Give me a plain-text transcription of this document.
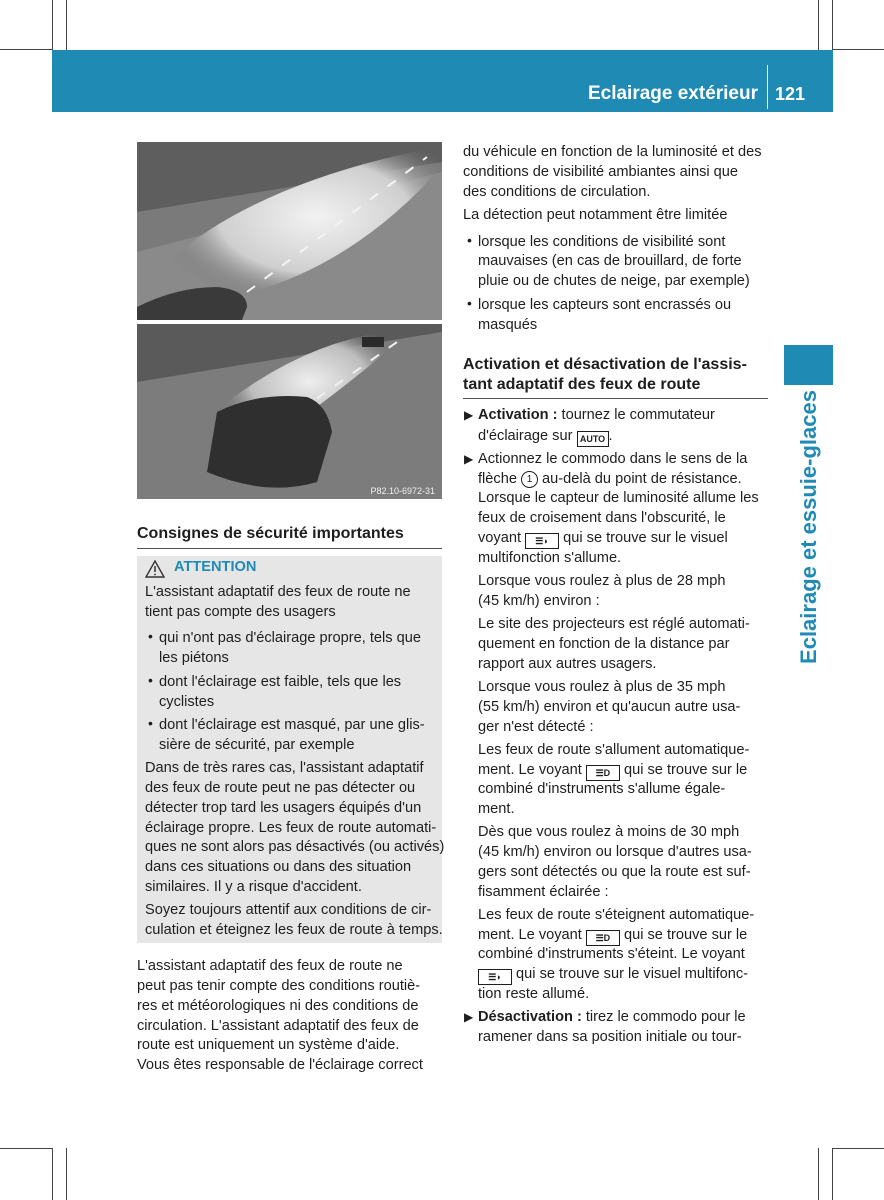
Eclairage extérieur 121
Eclairage et essuie-glaces
P82.10-6972-31
Consignes de sécurité importantes
ATTENTION
L'assistant adaptatif des feux de route ne
tient pas compte des usagers
• qui n'ont pas d'éclairage propre, tels que
les piétons
• dont l'éclairage est faible, tels que les
cyclistes
• dont l'éclairage est masqué, par une glis-
sière de sécurité, par exemple
Dans de très rares cas, l'assistant adaptatif
des feux de route peut ne pas détecter ou
détecter trop tard les usagers équipés d'un
éclairage propre. Les feux de route automati-
ques ne sont alors pas désactivés (ou activés)
dans ces situations ou dans des situation
similaires. Il y a risque d'accident.
Soyez toujours attentif aux conditions de cir-
culation et éteignez les feux de route à temps.
L'assistant adaptatif des feux de route ne
peut pas tenir compte des conditions routiè-
res et météorologiques ni des conditions de
circulation. L'assistant adaptatif des feux de
route est uniquement un système d'aide.
Vous êtes responsable de l'éclairage correct
du véhicule en fonction de la luminosité et des
conditions de visibilité ambiantes ainsi que
des conditions de circulation.
La détection peut notamment être limitée
• lorsque les conditions de visibilité sont
mauvaises (en cas de brouillard, de forte
pluie ou de chutes de neige, par exemple)
• lorsque les capteurs sont encrassés ou
masqués
Activation et désactivation de l'assis-
tant adaptatif des feux de route
▶ Activation : tournez le commutateur
d'éclairage sur AUTO .
▶ Actionnez le commodo dans le sens de la
flèche 1 au-delà du point de résistance.
Lorsque le capteur de luminosité allume les
feux de croisement dans l'obscurité, le
voyant ☰◗ qui se trouve sur le visuel
multifonction s'allume.
Lorsque vous roulez à plus de 28 mph
(45 km/h) environ :
Le site des projecteurs est réglé automati-
quement en fonction de la distance par
rapport aux autres usagers.
Lorsque vous roulez à plus de 35 mph
(55 km/h) environ et qu'aucun autre usa-
ger n'est détecté :
Les feux de route s'allument automatique-
ment. Le voyant ☰D qui se trouve sur le
combiné d'instruments s'allume égale-
ment.
Dès que vous roulez à moins de 30 mph
(45 km/h) environ ou lorsque d'autres usa-
gers sont détectés ou que la route est suf-
fisamment éclairée :
Les feux de route s'éteignent automatique-
ment. Le voyant ☰D qui se trouve sur le
combiné d'instruments s'éteint. Le voyant
☰◗ qui se trouve sur le visuel multifonc-
tion reste allumé.
▶ Désactivation : tirez le commodo pour le
ramener dans sa position initiale ou tour-
